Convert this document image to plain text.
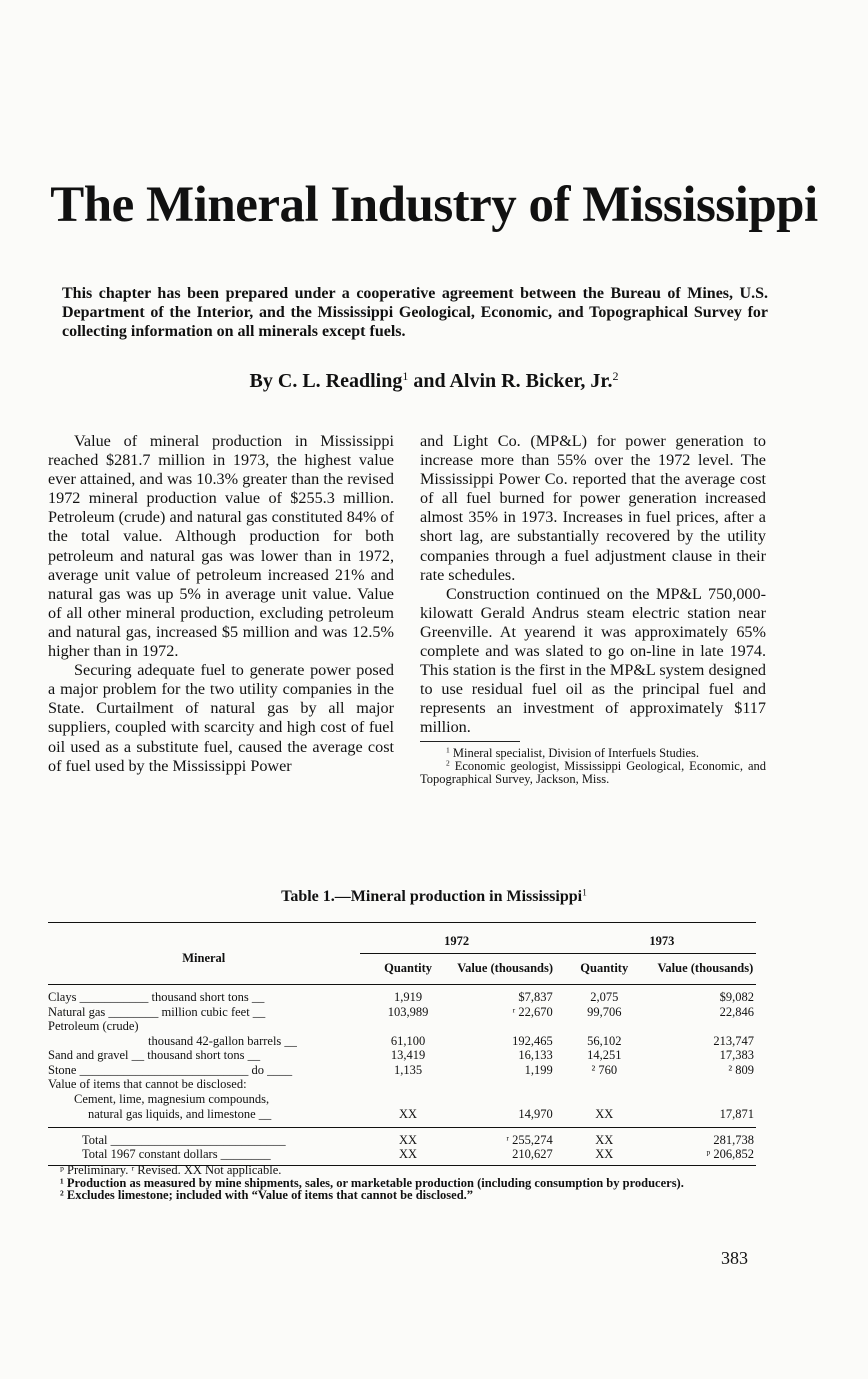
The Mineral Industry of Mississippi

This chapter has been prepared under a cooperative agreement between the Bureau of Mines, U.S. Department of the Interior, and the Mississippi Geological, Economic, and Topographical Survey for collecting information on all minerals except fuels.

By C. L. Readling$^1$ and Alvin R. Bicker, Jr.$^2$

Value of mineral production in Mississippi reached $281.7 million in 1973, the highest value ever attained, and was 10.3% greater than the revised 1972 mineral production value of $255.3 million. Petroleum (crude) and natural gas constituted 84% of the total value. Although production for both petroleum and natural gas was lower than in 1972, average unit value of petroleum increased 21% and natural gas was up 5% in average unit value. Value of all other mineral production, excluding petroleum and natural gas, increased $5 million and was 12.5% higher than in 1972.

Securing adequate fuel to generate power posed a major problem for the two utility companies in the State. Curtailment of natural gas by all major suppliers, coupled with scarcity and high cost of fuel oil used as a substitute fuel, caused the average cost of fuel used by the Mississippi Power

and Light Co. (MP&L) for power generation to increase more than 55% over the 1972 level. The Mississippi Power Co. reported that the average cost of all fuel burned for power generation increased almost 35% in 1973. Increases in fuel prices, after a short lag, are substantially recovered by the utility companies through a fuel adjustment clause in their rate schedules.

Construction continued on the MP&L 750,000-kilowatt Gerald Andrus steam electric station near Greenville. At yearend it was approximately 65% complete and was slated to go on-line in late 1974. This station is the first in the MP&L system designed to use residual fuel oil as the principal fuel and represents an investment of approximately $117 million.

$^1$ Mineral specialist, Division of Interfuels Studies.

$^2$ Economic geologist, Mississippi Geological, Economic, and Topographical Survey, Jackson, Miss.

Table 1.—Mineral production in Mississippi$^1$

Mineral	1972		1973	
	Quantity	Value (thousands)	Quantity	Value (thousands)
Clays ___________ thousand short tons __	1,919	$7,837	2,075	$9,082
Natural gas ________ million cubic feet __	103,989	ʳ 22,670	99,706	22,846
Petroleum (crude)				
thousand 42-gallon barrels __	61,100	192,465	56,102	213,747
Sand and gravel __ thousand short tons __	13,419	16,133	14,251	17,383
Stone ___________________________ do ____	1,135	1,199	² 760	² 809
Value of items that cannot be disclosed:				
Cement, lime, magnesium compounds,				
natural gas liquids, and limestone __	XX	14,970	XX	17,871
Total ____________________________	XX	ʳ 255,274	XX	281,738
Total 1967 constant dollars ________	XX	210,627	XX	ᵖ 206,852

ᵖ Preliminary. ʳ Revised. XX Not applicable.

¹ Production as measured by mine shipments, sales, or marketable production (including consumption by producers).

² Excludes limestone; included with “Value of items that cannot be disclosed.”

383
